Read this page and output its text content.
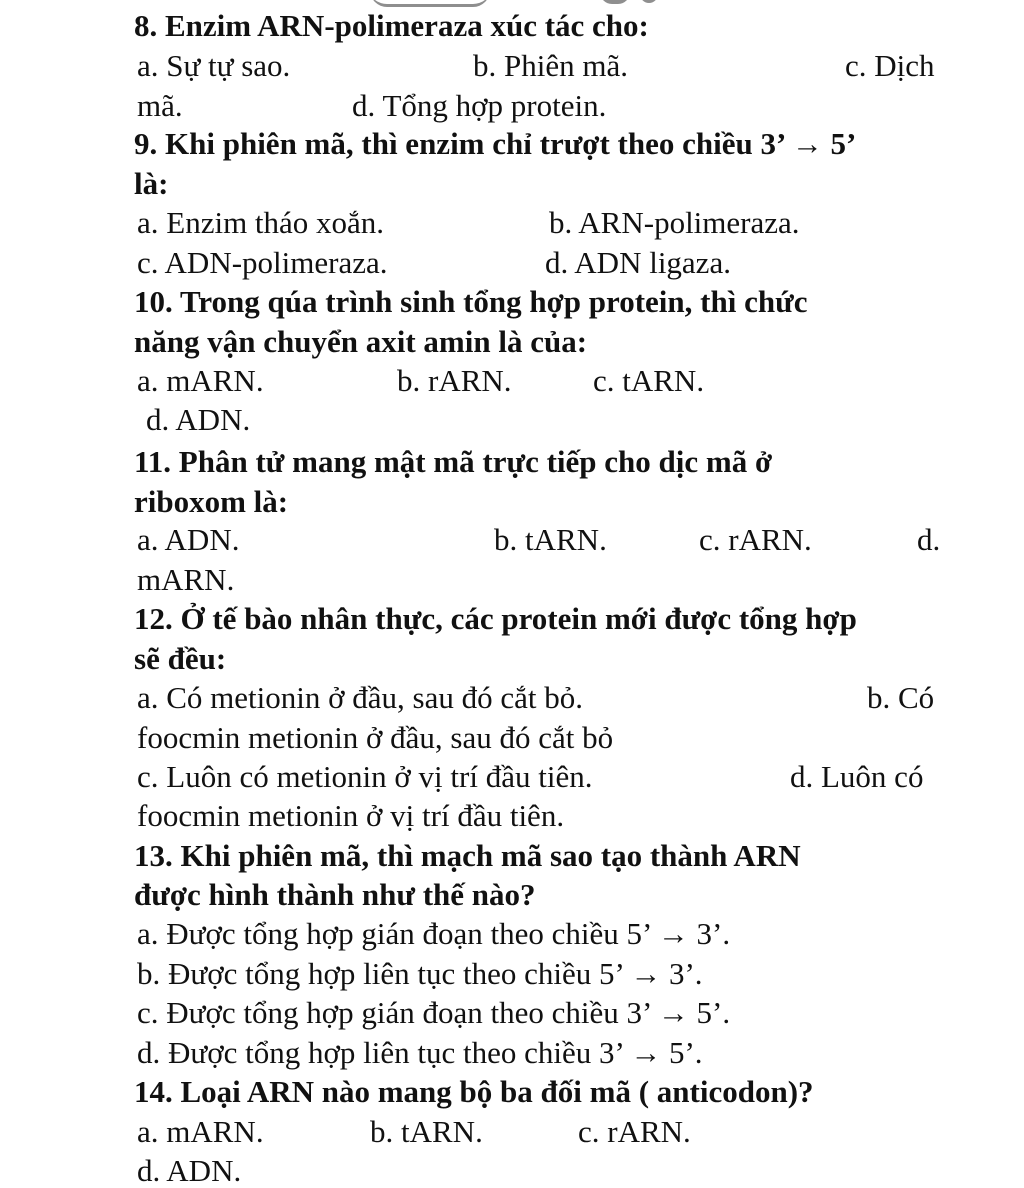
8. Enzim ARN-polimeraza xúc tác cho:
a. Sự tự sao.	b. Phiên mã.	c. Dịch
mã.	d. Tổng hợp protein.
9. Khi phiên mã, thì enzim chỉ trượt theo chiều 3’ → 5’
là:
a. Enzim tháo xoắn.	b. ARN-polimeraza.
c. ADN-polimeraza.	d. ADN ligaza.
10. Trong qúa trình sinh tổng hợp protein, thì chức
năng vận chuyển axit amin là của:
a. mARN.	b. rARN.	c. tARN.
d. ADN.
11. Phân tử mang mật mã trực tiếp cho dịc mã ở
riboxom là:
a. ADN.	b. tARN.	c. rARN.	d.
mARN.
12. Ở tế bào nhân thực, các protein mới được tổng hợp
sẽ đều:
a. Có metionin ở đầu, sau đó cắt bỏ.	b. Có
foocmin metionin ở đầu, sau đó cắt bỏ
c. Luôn có metionin ở vị trí đầu tiên.	d. Luôn có
foocmin metionin ở vị trí đầu tiên.
13. Khi phiên mã, thì mạch mã sao tạo thành ARN
được hình thành như thế nào?
a. Được tổng hợp gián đoạn theo chiều 5’ → 3’.
b. Được tổng hợp liên tục theo chiều 5’ → 3’.
c. Được tổng hợp gián đoạn theo chiều 3’ → 5’.
d. Được tổng hợp liên tục theo chiều 3’ → 5’.
14. Loại ARN nào mang bộ ba đối mã ( anticodon)?
a. mARN.	b. tARN.	c. rARN.
d. ADN.
